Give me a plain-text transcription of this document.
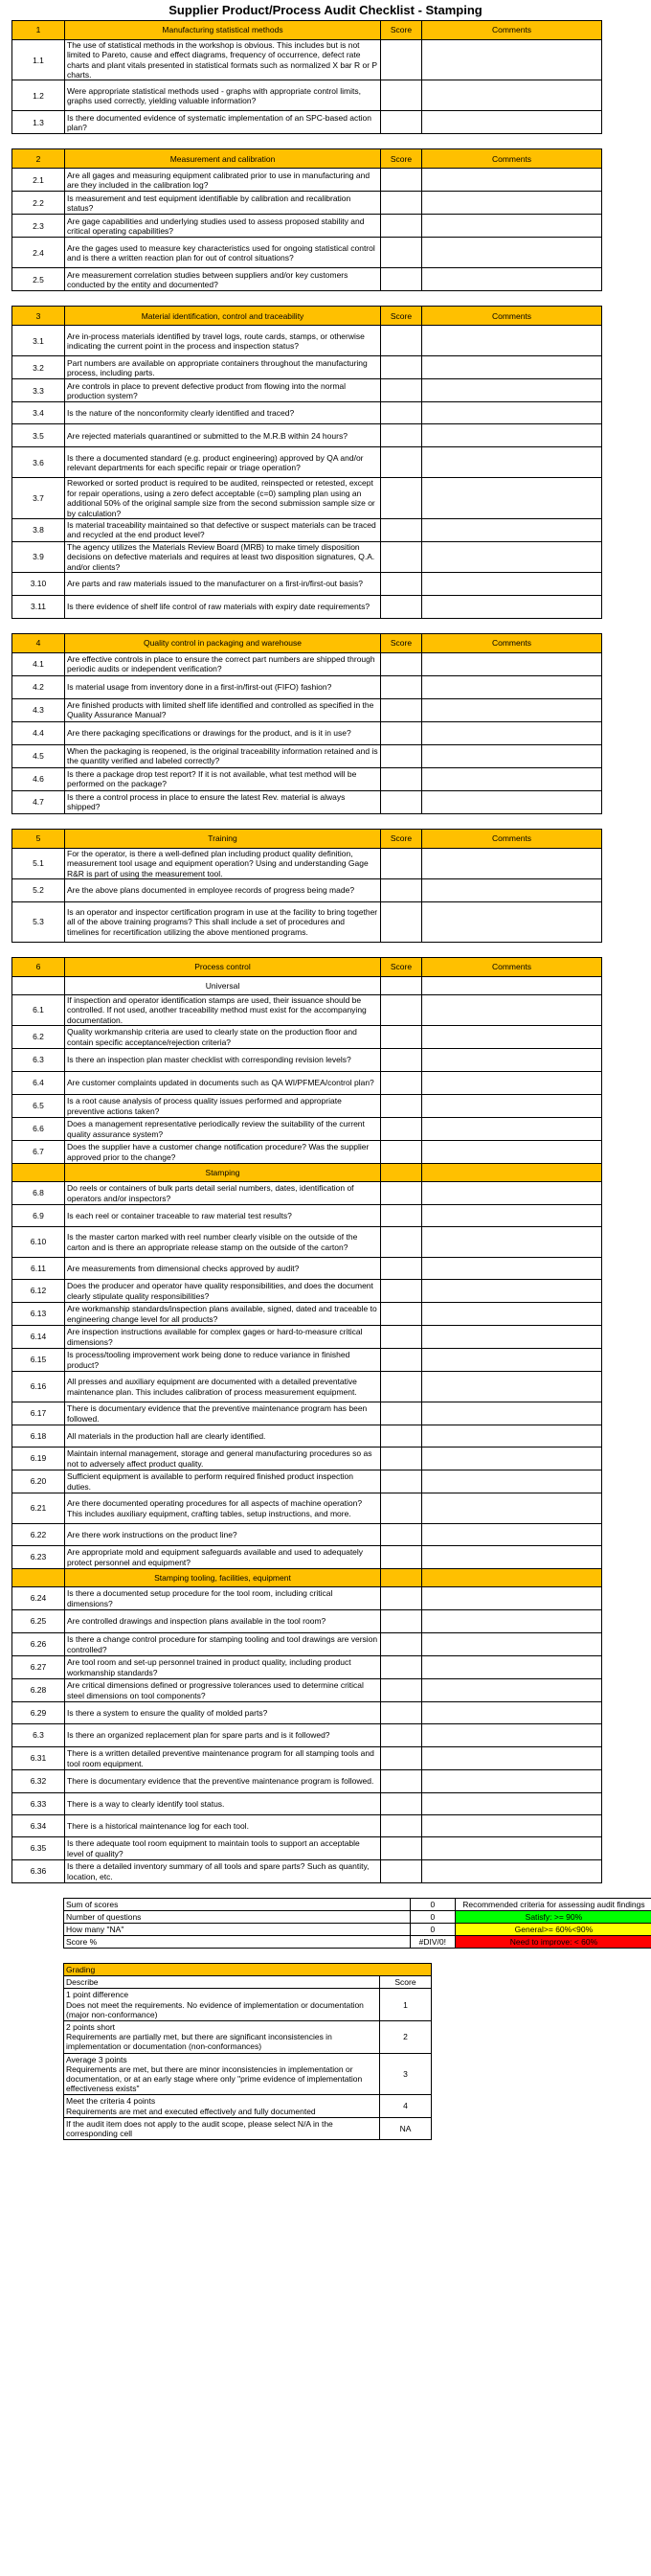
Supplier Product/Process Audit Checklist - Stamping
1	Manufacturing statistical methods	Score	Comments
1.1	The use of statistical methods in the workshop is obvious. This includes but is not limited to Pareto, cause and effect diagrams, frequency of occurrence, defect rate charts and plant vitals presented in statistical formats such as normalized X bar R or P charts.		
1.2	Were appropriate statistical methods used - graphs with appropriate control limits, graphs used correctly, yielding valuable information?		
1.3	Is there documented evidence of systematic implementation of an SPC-based action plan?		
2	Measurement and calibration	Score	Comments
2.1	Are all gages and measuring equipment calibrated prior to use in manufacturing and are they included in the calibration log?		
2.2	Is measurement and test equipment identifiable by calibration and recalibration status?		
2.3	Are gage capabilities and underlying studies used to assess proposed stability and critical operating capabilities?		
2.4	Are the gages used to measure key characteristics used for ongoing statistical control and is there a written reaction plan for out of control situations?		
2.5	Are measurement correlation studies between suppliers and/or key customers conducted by the entity and documented?		
3	Material identification, control and traceability	Score	Comments
3.1	Are in-process materials identified by travel logs, route cards, stamps, or otherwise indicating the current point in the process and inspection status?		
3.2	Part numbers are available on appropriate containers throughout the manufacturing process, including parts.		
3.3	Are controls in place to prevent defective product from flowing into the normal production system?		
3.4	Is the nature of the nonconformity clearly identified and traced?		
3.5	Are rejected materials quarantined or submitted to the M.R.B within 24 hours?		
3.6	Is there a documented standard (e.g. product engineering) approved by QA and/or relevant departments for each specific repair or triage operation?		
3.7	Reworked or sorted product is required to be audited, reinspected or retested, except for repair operations, using a zero defect acceptable (c=0) sampling plan using an additional 50% of the original sample size from the second submission sample size or by calculation?		
3.8	Is material traceability maintained so that defective or suspect materials can be traced and recycled at the end product level?		
3.9	The agency utilizes the Materials Review Board (MRB) to make timely disposition decisions on defective materials and requires at least two disposition signatures, Q.A. and/or clients?		
3.10	Are parts and raw materials issued to the manufacturer on a first-in/first-out basis?		
3.11	Is there evidence of shelf life control of raw materials with expiry date requirements?		
4	Quality control in packaging and warehouse	Score	Comments
4.1	Are effective controls in place to ensure the correct part numbers are shipped through periodic audits or independent verification?		
4.2	Is material usage from inventory done in a first-in/first-out (FIFO) fashion?		
4.3	Are finished products with limited shelf life identified and controlled as specified in the Quality Assurance Manual?		
4.4	Are there packaging specifications or drawings for the product, and is it in use?		
4.5	When the packaging is reopened, is the original traceability information retained and is the quantity verified and labeled correctly?		
4.6	Is there a package drop test report? If it is not available, what test method will be performed on the package?		
4.7	Is there a control process in place to ensure the latest Rev. material is always shipped?		
5	Training	Score	Comments
5.1	For the operator, is there a well-defined plan including product quality definition, measurement tool usage and equipment operation? Using and understanding Gage R&R is part of using the measurement tool.		
5.2	Are the above plans documented in employee records of progress being made?		
5.3	Is an operator and inspector certification program in use at the facility to bring together all of the above training programs? This shall include a set of procedures and timelines for recertification utilizing the above mentioned programs.		
6	Process control	Score	Comments
	Universal		
6.1	If inspection and operator identification stamps are used, their issuance should be controlled. If not used, another traceability method must exist for the accompanying documentation.		
6.2	Quality workmanship criteria are used to clearly state on the production floor and contain specific acceptance/rejection criteria?		
6.3	Is there an inspection plan master checklist with corresponding revision levels?		
6.4	Are customer complaints updated in documents such as QA WI/PFMEA/control plan?		
6.5	Is a root cause analysis of process quality issues performed and appropriate preventive actions taken?		
6.6	Does a management representative periodically review the suitability of the current quality assurance system?		
6.7	Does the supplier have a customer change notification procedure? Was the supplier approved prior to the change?		
	Stamping		
6.8	Do reels or containers of bulk parts detail serial numbers, dates, identification of operators and/or inspectors?		
6.9	Is each reel or container traceable to raw material test results?		
6.10	Is the master carton marked with reel number clearly visible on the outside of the carton and is there an appropriate release stamp on the outside of the carton?		
6.11	Are measurements from dimensional checks approved by audit?		
6.12	Does the producer and operator have quality responsibilities, and does the document clearly stipulate quality responsibilities?		
6.13	Are workmanship standards/inspection plans available, signed, dated and traceable to engineering change level for all products?		
6.14	Are inspection instructions available for complex gages or hard-to-measure critical dimensions?		
6.15	Is process/tooling improvement work being done to reduce variance in finished product?		
6.16	All presses and auxiliary equipment are documented with a detailed preventative maintenance plan. This includes calibration of process measurement equipment.		
6.17	There is documentary evidence that the preventive maintenance program has been followed.		
6.18	All materials in the production hall are clearly identified.		
6.19	Maintain internal management, storage and general manufacturing procedures so as not to adversely affect product quality.		
6.20	Sufficient equipment is available to perform required finished product inspection duties.		
6.21	Are there documented operating procedures for all aspects of machine operation? This includes auxiliary equipment, crafting tables, setup instructions, and more.		
6.22	Are there work instructions on the product line?		
6.23	Are appropriate mold and equipment safeguards available and used to adequately protect personnel and equipment?		
	Stamping tooling, facilities, equipment		
6.24	Is there a documented setup procedure for the tool room, including critical dimensions?		
6.25	Are controlled drawings and inspection plans available in the tool room?		
6.26	Is there a change control procedure for stamping tooling and tool drawings are version controlled?		
6.27	Are tool room and set-up personnel trained in product quality, including product workmanship standards?		
6.28	Are critical dimensions defined or progressive tolerances used to determine critical steel dimensions on tool components?		
6.29	Is there a system to ensure the quality of molded parts?		
6.3	Is there an organized replacement plan for spare parts and is it followed?		
6.31	There is a written detailed preventive maintenance program for all stamping tools and tool room equipment.		
6.32	There is documentary evidence that the preventive maintenance program is followed.		
6.33	There is a way to clearly identify tool status.		
6.34	There is a historical maintenance log for each tool.		
6.35	Is there adequate tool room equipment to maintain tools to support an acceptable level of quality?		
6.36	Is there a detailed inventory summary of all tools and spare parts? Such as quantity, location, etc.		
Sum of scores	0	Recommended criteria for assessing audit findings
Number of questions	0	Satisfy: >= 90%
How many "NA"	0	General>= 60%<90%
Score %	#DIV/0!	Need to improve: < 60%
Grading	
Describe	Score
1 point difference
Does not meet the requirements. No evidence of implementation or documentation (major non-conformance)	1
2 points short
Requirements are partially met, but there are significant inconsistencies in implementation or documentation (non-conformances)	2
Average 3 points
Requirements are met, but there are minor inconsistencies in implementation or documentation, or at an early stage where only "prime evidence of implementation effectiveness exists"	3
Meet the criteria 4 points
Requirements are met and executed effectively and fully documented	4
If the audit item does not apply to the audit scope, please select N/A in the corresponding cell	NA
